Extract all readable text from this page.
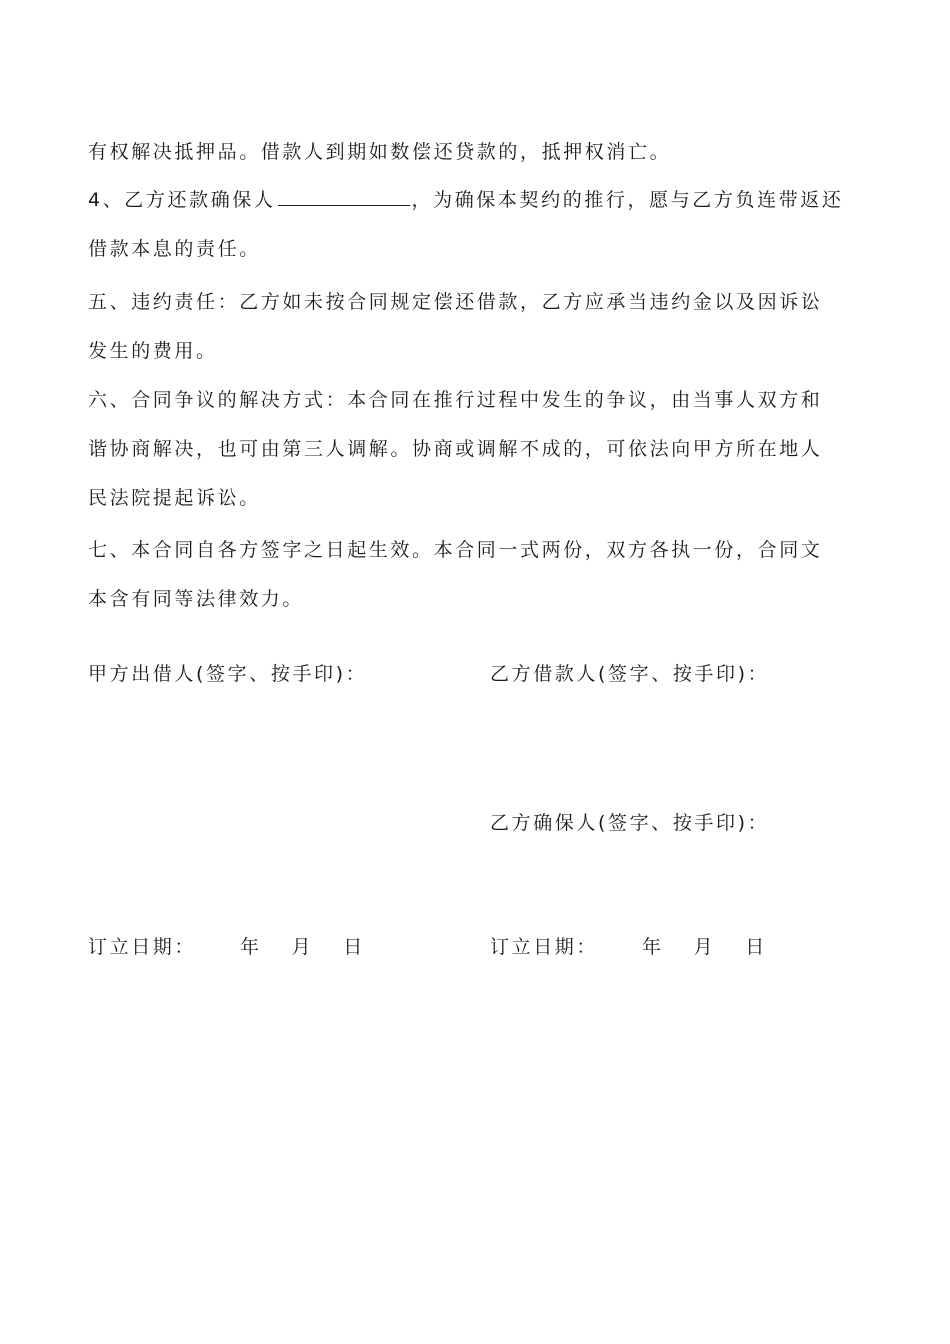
有权解决抵押品。借款人到期如数偿还贷款的，抵押权消亡。
4、乙方还款确保人	，为确保本契约的推行，愿与乙方负连带返还
借款本息的责任。
五、违约责任：乙方如未按合同规定偿还借款，乙方应承当违约金以及因诉讼
发生的费用。
六、合同争议的解决方式：本合同在推行过程中发生的争议，由当事人双方和
谐协商解决，也可由第三人调解。协商或调解不成的，可依法向甲方所在地人
民法院提起诉讼。
七、本合同自各方签字之日起生效。本合同一式两份，双方各执一份，合同文
本含有同等法律效力。
甲方出借人(签字、按手印)：	乙方借款人(签字、按手印)：
乙方确保人(签字、按手印)：
订立日期： 年 月 日	订立日期： 年 月 日
